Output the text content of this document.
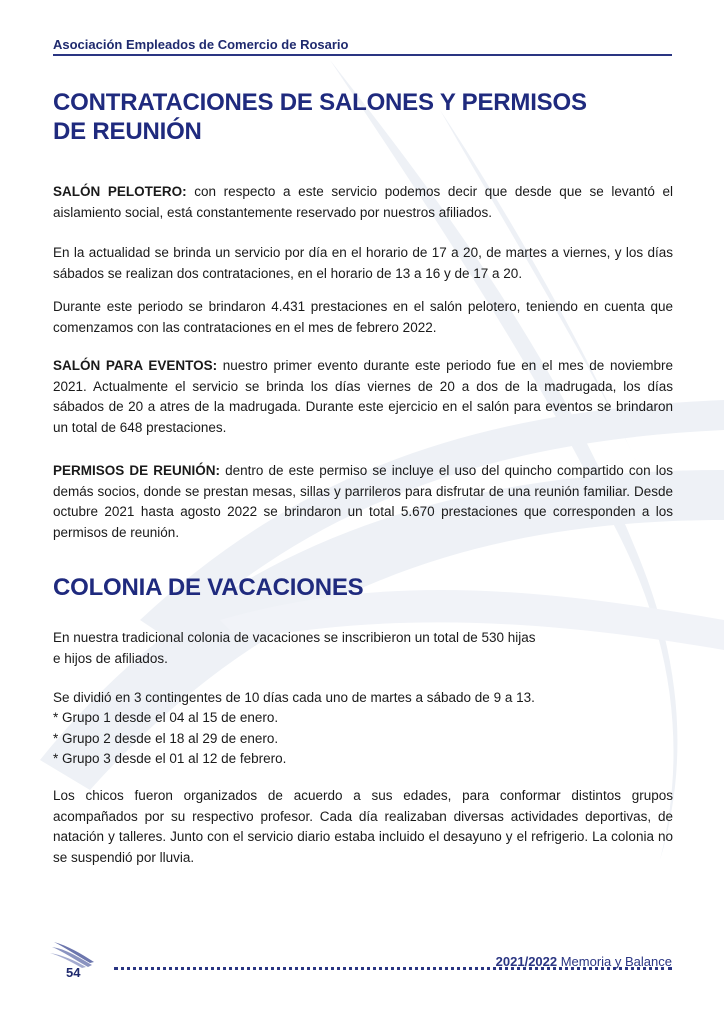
Asociación Empleados de Comercio de Rosario
CONTRATACIONES DE SALONES Y PERMISOS
DE REUNIÓN

SALÓN PELOTERO: con respecto a este servicio podemos decir que desde que se levantó el aislamiento social, está constantemente reservado por nuestros afiliados.

En la actualidad se brinda un servicio por día en el horario de 17 a 20, de martes a viernes, y los días sábados se realizan dos contrataciones, en el horario de 13 a 16 y de 17 a 20.

Durante este periodo se brindaron 4.431 prestaciones en el salón pelotero, teniendo en cuenta que comenzamos con las contrataciones en el mes de febrero 2022.

SALÓN PARA EVENTOS: nuestro primer evento durante este periodo fue en el mes de noviembre 2021. Actualmente el servicio se brinda los días viernes de 20 a dos de la madrugada, los días sábados de 20 a atres de la madrugada. Durante este ejercicio en el salón para eventos se brindaron un total de 648 prestaciones.

PERMISOS DE REUNIÓN: dentro de este permiso se incluye el uso del quincho compartido con los demás socios, donde se prestan mesas, sillas y parrileros para disfrutar de una reunión familiar. Desde octubre 2021 hasta agosto 2022 se brindaron un total 5.670 prestaciones que corresponden a los permisos de reunión.

COLONIA DE VACACIONES

En nuestra tradicional colonia de vacaciones se inscribieron un total de 530 hijas
e hijos de afiliados.

Se dividió en 3 contingentes de 10 días cada uno de martes a sábado de 9 a 13.

* Grupo 1 desde el 04 al 15 de enero.
* Grupo 2 desde el 18 al 29 de enero.
* Grupo 3 desde el 01 al 12 de febrero.

Los chicos fueron organizados de acuerdo a sus edades, para conformar distintos grupos acompañados por su respectivo profesor. Cada día realizaban diversas actividades deportivas, de natación y talleres. Junto con el servicio diario estaba incluido el desayuno y el refrigerio. La colonia no se suspendió por lluvia.

54
2021/2022 Memoria y Balance
